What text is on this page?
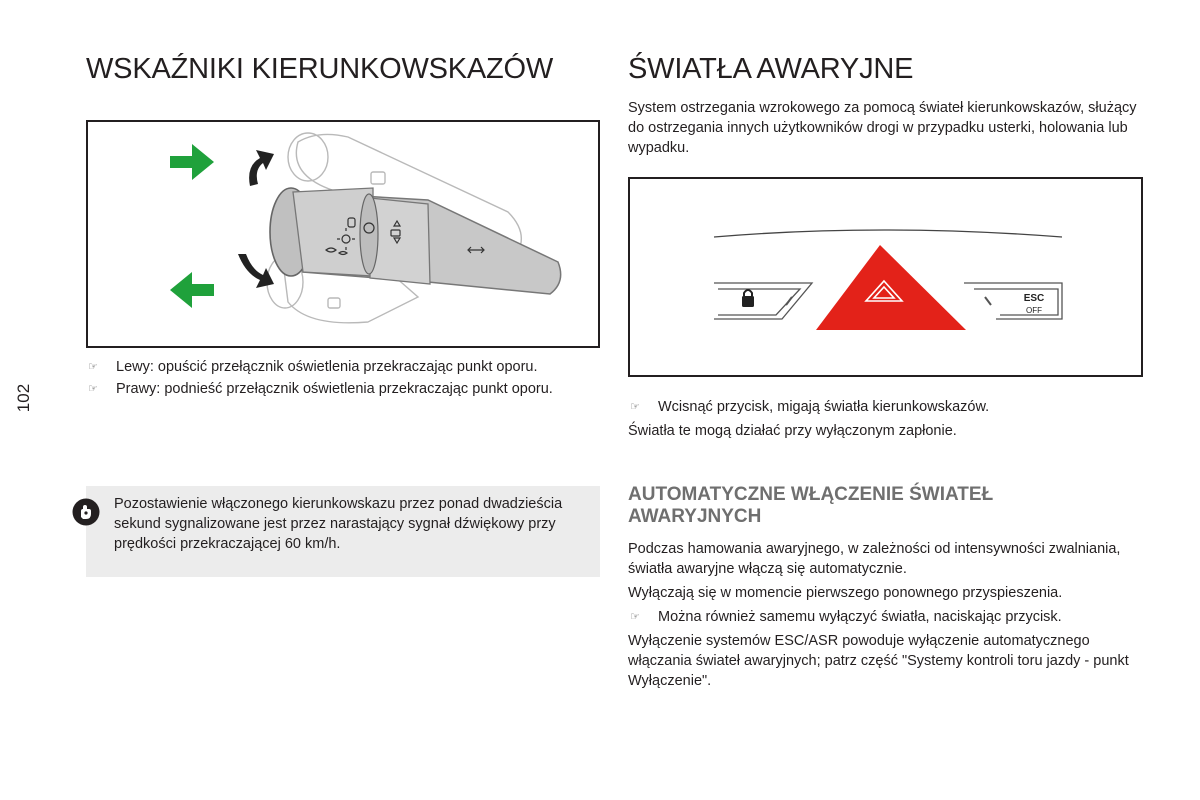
102
WSKAŹNIKI KIERUNKOWSKAZÓW
☞ Lewy: opuścić przełącznik oświetlenia przekraczając punkt oporu.
☞ Prawy: podnieść przełącznik oświetlenia przekraczając punkt oporu.
Pozostawienie włączonego kierunkowskazu przez ponad dwadzieścia sekund sygnalizowane jest przez narastający sygnał dźwiękowy przy prędkości przekraczającej 60 km/h.
ŚWIATŁA AWARYJNE
System ostrzegania wzrokowego za pomocą świateł kierunkowskazów, służący do ostrzegania innych użytkowników drogi w przypadku usterki, holowania lub wypadku.
ESC
OFF
☞ Wcisnąć przycisk, migają światła kierunkowskazów.

Światła te mogą działać przy wyłączonym zapłonie.

AUTOMATYCZNE WŁĄCZENIE ŚWIATEŁ AWARYJNYCH

Podczas hamowania awaryjnego, w zależności od intensywności zwalniania, światła awaryjne włączą się automatycznie.

Wyłączają się w momencie pierwszego ponownego przyspieszenia.

☞ Można również samemu wyłączyć światła, naciskając przycisk.

Wyłączenie systemów ESC/ASR powoduje wyłączenie automatycznego włączania świateł awaryjnych; patrz część "Systemy kontroli toru jazdy - punkt Wyłączenie".
